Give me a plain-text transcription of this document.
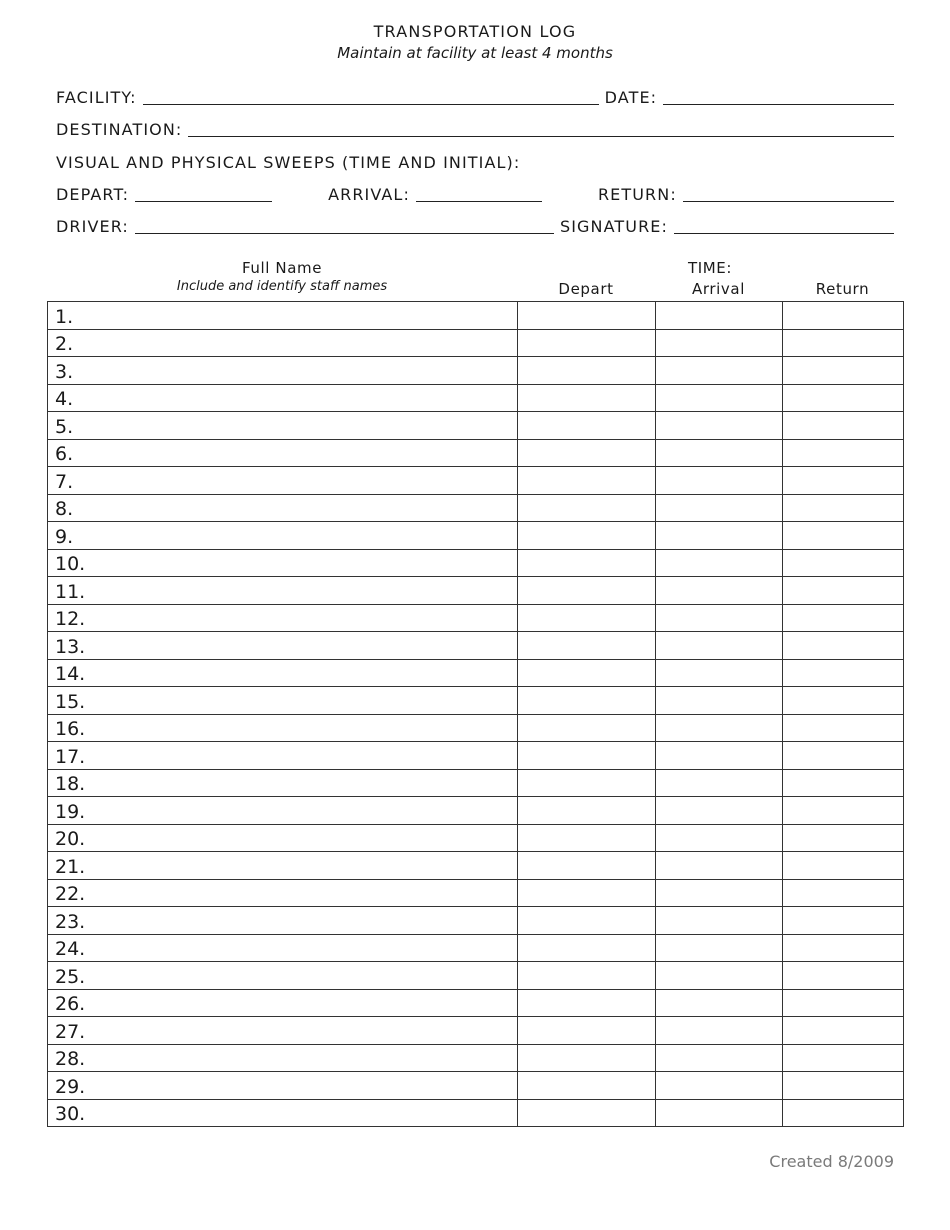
TRANSPORTATION LOG
Maintain at facility at least 4 months
FACILITY:	DATE:
DESTINATION:
VISUAL AND PHYSICAL SWEEPS (TIME AND INITIAL):
DEPART:	ARRIVAL:	RETURN:
DRIVER:	SIGNATURE:
Full Name
Include and identify staff names
TIME:
Depart	Arrival	Return
1.			
2.			
3.			
4.			
5.			
6.			
7.			
8.			
9.			
10.			
11.			
12.			
13.			
14.			
15.			
16.			
17.			
18.			
19.			
20.			
21.			
22.			
23.			
24.			
25.			
26.			
27.			
28.			
29.			
30.			
Created 8/2009
